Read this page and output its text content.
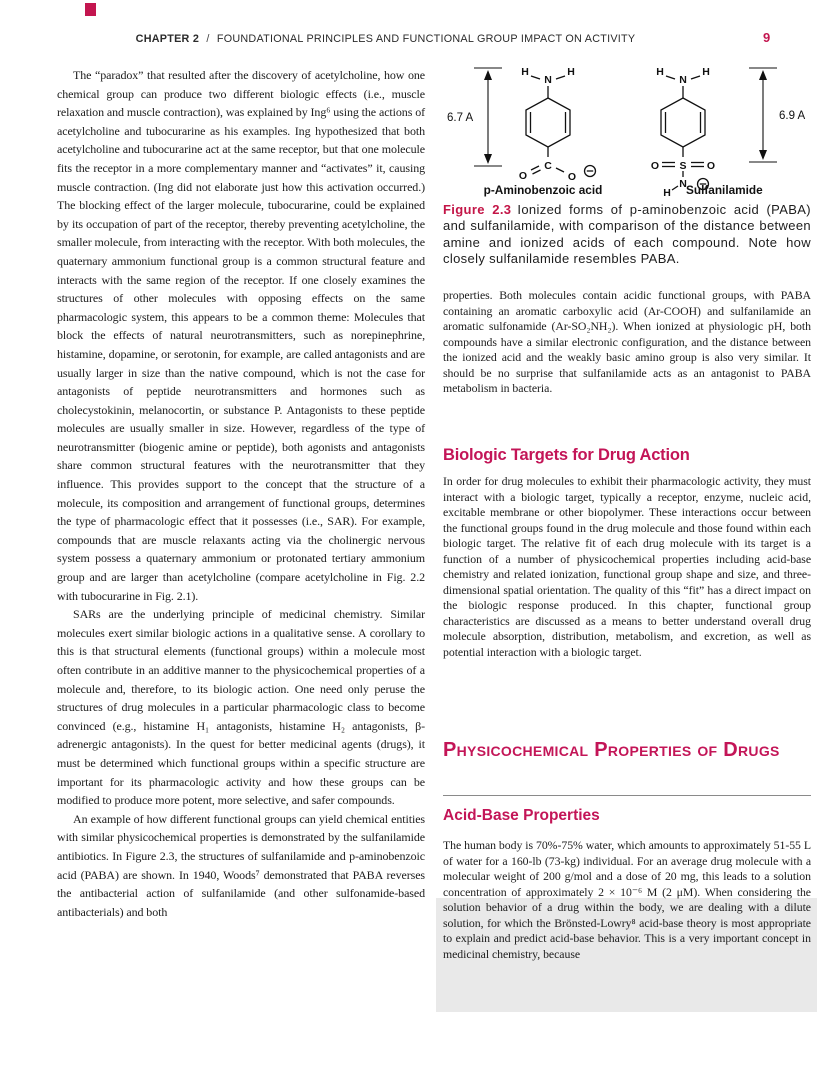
CHAPTER 2 / FOUNDATIONAL PRINCIPLES AND FUNCTIONAL GROUP IMPACT ON ACTIVITY	9

The “paradox” that resulted after the discovery of acetylcholine, how one chemical group can produce two different biologic effects (i.e., muscle relaxation and muscle contraction), was explained by Ing⁶ using the actions of acetylcholine and tubocurarine as his examples. Ing hypothesized that both acetylcholine and tubocurarine act at the same receptor, but that one molecule fits the receptor in a more complementary manner and “activates” it, causing muscle contraction. (Ing did not elaborate just how this activation occurred.) The blocking effect of the larger molecule, tubocurarine, could be explained by its occupation of part of the receptor, thereby preventing acetylcholine, the smaller molecule, from interacting with the receptor. With both molecules, the quaternary ammonium functional group is a common structural feature and interacts with the same region of the receptor. If one closely examines the structures of other molecules with opposing effects on the same pharmacologic system, this appears to be a common theme: Molecules that block the effects of natural neurotransmitters, such as norepinephrine, histamine, dopamine, or serotonin, for example, are called antagonists and are usually larger in size than the native compound, which is not the case for antagonists of peptide neurotransmitters and hormones such as cholecystokinin, melanocortin, or substance P. Antagonists to these peptide molecules are usually smaller in size. However, regardless of the type of neurotransmitter (biogenic amine or peptide), both agonists and antagonists share common structural features with the neurotransmitter that they influence. This provides support to the concept that the structure of a molecule, its composition and arrangement of functional groups, determines the type of pharmacologic effect that it possesses (i.e., SAR). For example, compounds that are muscle relaxants acting via the cholinergic nervous system possess a quaternary ammonium or protonated tertiary ammonium group and are larger than acetylcholine (compare acetylcholine in Fig. 2.2 with tubocurarine in Fig. 2.1).

SARs are the underlying principle of medicinal chemistry. Similar molecules exert similar biologic actions in a qualitative sense. A corollary to this is that structural elements (functional groups) within a molecule most often contribute in an additive manner to the physicochemical properties of a molecule and, therefore, to its biologic action. One need only peruse the structures of drug molecules in a particular pharmacologic class to become convinced (e.g., histamine H₁ antagonists, histamine H₂ antagonists, β-adrenergic antagonists). In the quest for better medicinal agents (drugs), it must be determined which functional groups within a specific structure are important for its pharmacologic activity and how these groups can be modified to produce more potent, more selective, and safer compounds.

An example of how different functional groups can yield chemical entities with similar physicochemical properties is demonstrated by the sulfanilamide antibiotics. In Figure 2.3, the structures of sulfanilamide and p-aminobenzoic acid (PABA) are shown. In 1940, Woods⁷ demonstrated that PABA reverses the antibacterial action of sulfanilamide (and other sulfonamide-based antibacterials) and both

6.7 A
H
N
H
C
O	O
p-Aminobenzoic acid
H
N
H
S
O	O
N
H Sulfanilamide
6.9 A

Figure 2.3 Ionized forms of p-aminobenzoic acid (PABA) and sulfanilamide, with comparison of the distance between amine and ionized acids of each compound. Note how closely sulfanilamide resembles PABA.

properties. Both molecules contain acidic functional groups, with PABA containing an aromatic carboxylic acid (Ar-COOH) and sulfanilamide an aromatic sulfonamide (Ar-SO₂NH₂). When ionized at physiologic pH, both compounds have a similar electronic configuration, and the distance between the ionized acid and the weakly basic amino group is also very similar. It should be no surprise that sulfanilamide acts as an antagonist to PABA metabolism in bacteria.

Biologic Targets for Drug Action

In order for drug molecules to exhibit their pharmacologic activity, they must interact with a biologic target, typically a receptor, enzyme, nucleic acid, excitable membrane or other biopolymer. These interactions occur between the functional groups found in the drug molecule and those found within each biologic target. The relative fit of each drug molecule with its target is a function of a number of physicochemical properties including acid-base chemistry and related ionization, functional group shape and size, and three-dimensional spatial orientation. The quality of this “fit” has a direct impact on the biologic response produced. In this chapter, functional group characteristics are discussed as a means to better understand overall drug molecule absorption, distribution, metabolism, and excretion, as well as potential interaction with a biologic target.

Physicochemical Properties of Drugs
Acid-Base Properties

The human body is 70%-75% water, which amounts to approximately 51-55 L of water for a 160-lb (73-kg) individual. For an average drug molecule with a molecular weight of 200 g/mol and a dose of 20 mg, this leads to a solution concentration of approximately 2 × 10⁻⁶ M (2 μM). When considering the solution behavior of a drug within the body, we are dealing with a dilute solution, for which the Brönsted-Lowry⁸ acid-base theory is most appropriate to explain and predict acid-base behavior. This is a very important concept in medicinal chemistry, because
